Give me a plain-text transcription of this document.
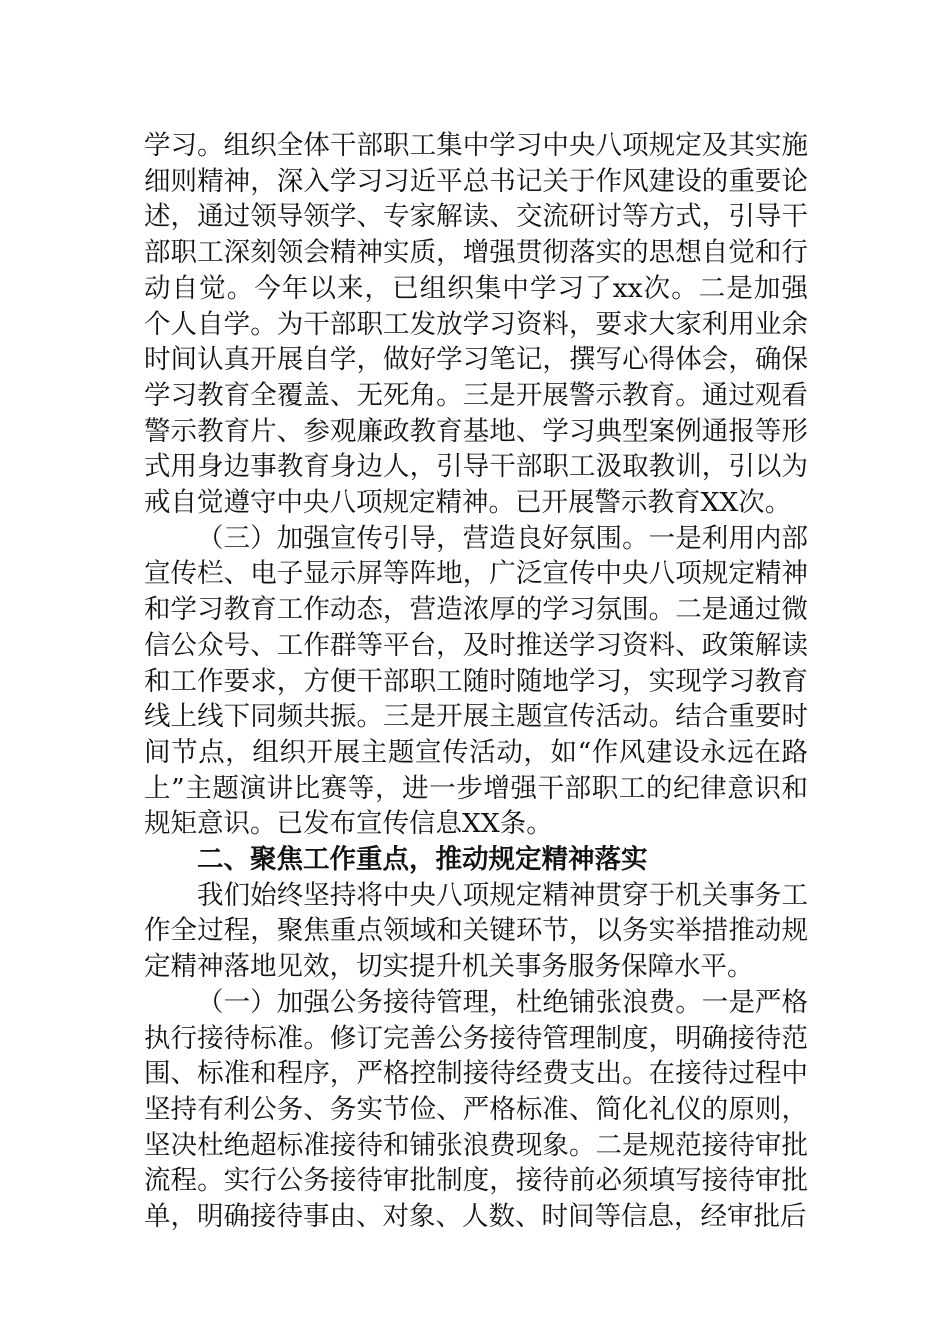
学习。组织全体干部职工集中学习中央八项规定及其实施细则精神，深入学习习近平总书记关于作风建设的重要论述，通过领导领学、专家解读、交流研讨等方式，引导干部职工深刻领会精神实质，增强贯彻落实的思想自觉和行动自觉。今年以来，已组织集中学习了xx次。二是加强个人自学。为干部职工发放学习资料，要求大家利用业余时间认真开展自学，做好学习笔记，撰写心得体会，确保学习教育全覆盖、无死角。三是开展警示教育。通过观看警示教育片、参观廉政教育基地、学习典型案例通报等形式用身边事教育身边人，引导干部职工汲取教训，引以为戒自觉遵守中央八项规定精神。已开展警示教育XX次。

（三）加强宣传引导，营造良好氛围。一是利用内部宣传栏、电子显示屏等阵地，广泛宣传中央八项规定精神和学习教育工作动态，营造浓厚的学习氛围。二是通过微信公众号、工作群等平台，及时推送学习资料、政策解读和工作要求，方便干部职工随时随地学习，实现学习教育线上线下同频共振。三是开展主题宣传活动。结合重要时间节点，组织开展主题宣传活动，如“作风建设永远在路上”主题演讲比赛等，进一步增强干部职工的纪律意识和规矩意识。已发布宣传信息XX条。

二、聚焦工作重点，推动规定精神落实

我们始终坚持将中央八项规定精神贯穿于机关事务工作全过程，聚焦重点领域和关键环节，以务实举措推动规定精神落地见效，切实提升机关事务服务保障水平。

（一）加强公务接待管理，杜绝铺张浪费。一是严格执行接待标准。修订完善公务接待管理制度，明确接待范围、标准和程序，严格控制接待经费支出。在接待过程中坚持有利公务、务实节俭、严格标准、简化礼仪的原则，坚决杜绝超标准接待和铺张浪费现象。二是规范接待审批流程。实行公务接待审批制度，接待前必须填写接待审批单，明确接待事由、对象、人数、时间等信息，经审批后
